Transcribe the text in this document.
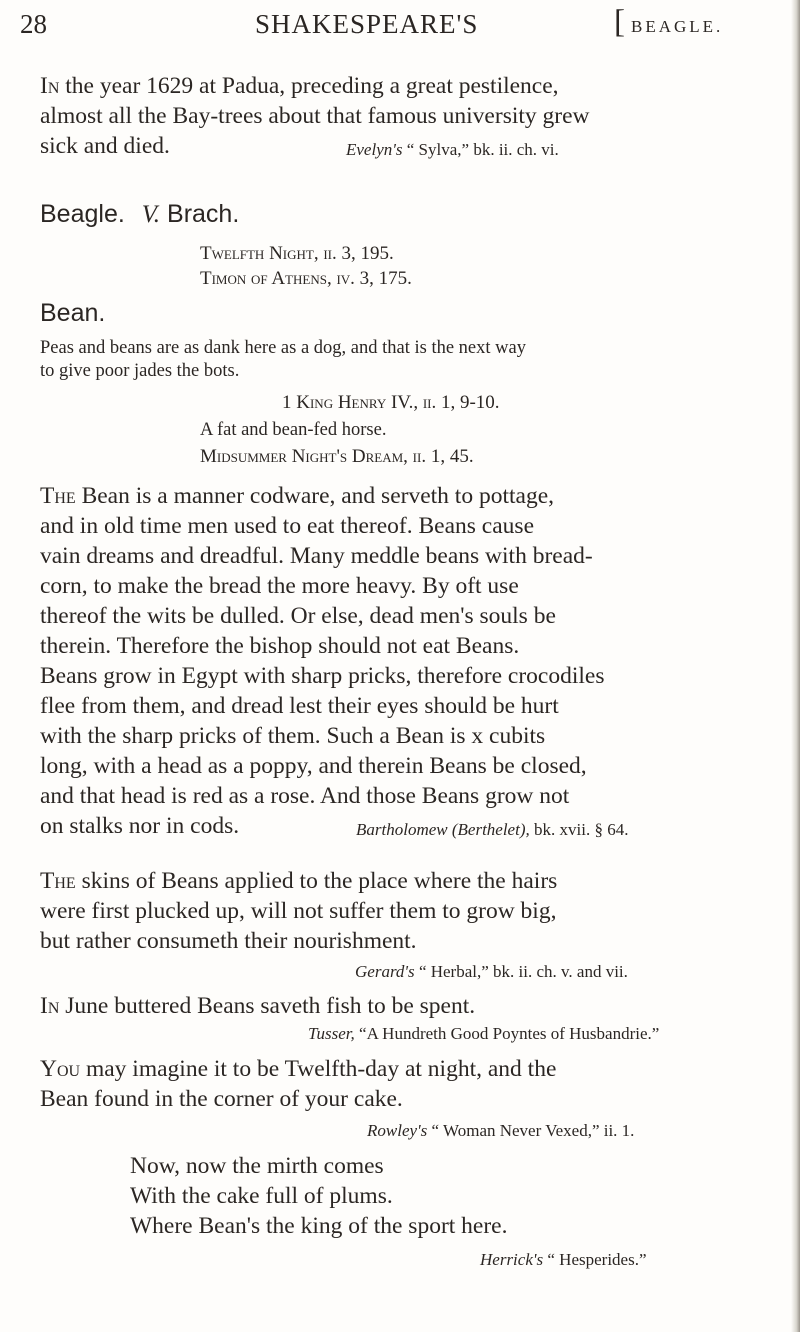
28	SHAKESPEARE'S	[ BEAGLE.
In the year 1629 at Padua, preceding a great pestilence,
almost all the Bay-trees about that famous university grew
sick and died.	Evelyn's “ Sylva,” bk. ii. ch. vi.
Beagle. V. Brach.
Twelfth Night, ii. 3, 195.
Timon of Athens, iv. 3, 175.
Bean.
Peas and beans are as dank here as a dog, and that is the next way
to give poor jades the bots.
1 King Henry IV., ii. 1, 9-10.
A fat and bean-fed horse.
Midsummer Night's Dream, ii. 1, 45.
The Bean is a manner codware, and serveth to pottage,
and in old time men used to eat thereof. Beans cause
vain dreams and dreadful. Many meddle beans with bread-
corn, to make the bread the more heavy. By oft use
thereof the wits be dulled. Or else, dead men's souls be
therein. Therefore the bishop should not eat Beans.
Beans grow in Egypt with sharp pricks, therefore crocodiles
flee from them, and dread lest their eyes should be hurt
with the sharp pricks of them. Such a Bean is x cubits
long, with a head as a poppy, and therein Beans be closed,
and that head is red as a rose. And those Beans grow not
on stalks nor in cods.	Bartholomew (Berthelet), bk. xvii. § 64.
The skins of Beans applied to the place where the hairs
were first plucked up, will not suffer them to grow big,
but rather consumeth their nourishment.
Gerard's “ Herbal,” bk. ii. ch. v. and vii.
In June buttered Beans saveth fish to be spent.
Tusser, “A Hundreth Good Poyntes of Husbandrie.”
You may imagine it to be Twelfth-day at night, and the
Bean found in the corner of your cake.
Rowley's “ Woman Never Vexed,” ii. 1.
Now, now the mirth comes
With the cake full of plums.
Where Bean's the king of the sport here.
Herrick's “ Hesperides.”
